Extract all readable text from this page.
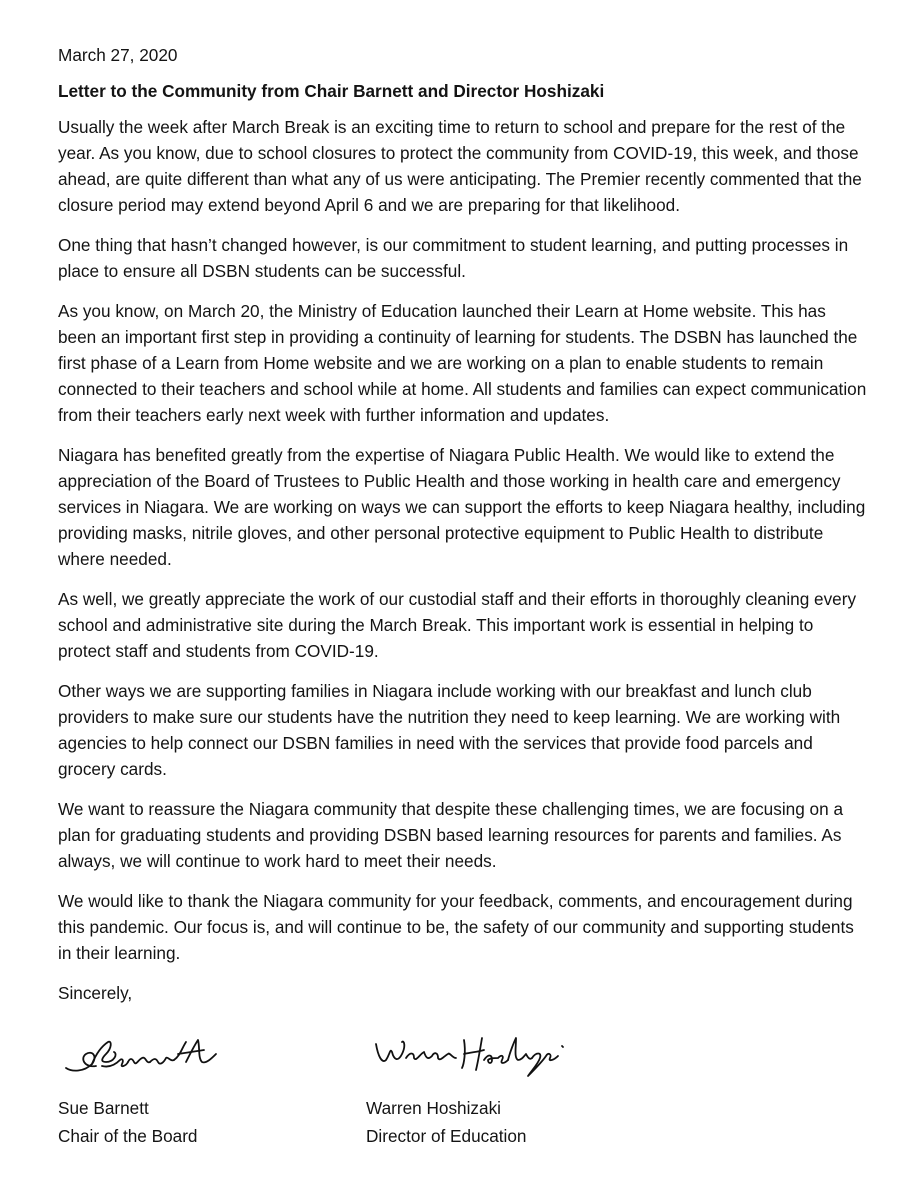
March 27, 2020

Letter to the Community from Chair Barnett and Director Hoshizaki

Usually the week after March Break is an exciting time to return to school and prepare for the rest of the year. As you know, due to school closures to protect the community from COVID-19, this week, and those ahead, are quite different than what any of us were anticipating. The Premier recently commented that the closure period may extend beyond April 6 and we are preparing for that likelihood.

One thing that hasn’t changed however, is our commitment to student learning, and putting processes in place to ensure all DSBN students can be successful.

As you know, on March 20, the Ministry of Education launched their Learn at Home website. This has been an important first step in providing a continuity of learning for students. The DSBN has launched the first phase of a Learn from Home website and we are working on a plan to enable students to remain connected to their teachers and school while at home. All students and families can expect communication from their teachers early next week with further information and updates.

Niagara has benefited greatly from the expertise of Niagara Public Health. We would like to extend the appreciation of the Board of Trustees to Public Health and those working in health care and emergency services in Niagara. We are working on ways we can support the efforts to keep Niagara healthy, including providing masks, nitrile gloves, and other personal protective equipment to Public Health to distribute where needed.

As well, we greatly appreciate the work of our custodial staff and their efforts in thoroughly cleaning every school and administrative site during the March Break. This important work is essential in helping to protect staff and students from COVID-19.

Other ways we are supporting families in Niagara include working with our breakfast and lunch club providers to make sure our students have the nutrition they need to keep learning. We are working with agencies to help connect our DSBN families in need with the services that provide food parcels and grocery cards.

We want to reassure the Niagara community that despite these challenging times, we are focusing on a plan for graduating students and providing DSBN based learning resources for parents and families. As always, we will continue to work hard to meet their needs.

We would like to thank the Niagara community for your feedback, comments, and encouragement during this pandemic. Our focus is, and will continue to be, the safety of our community and supporting students in their learning.

Sincerely,

Sue Barnett
Chair of the Board
Warren Hoshizaki
Director of Education
